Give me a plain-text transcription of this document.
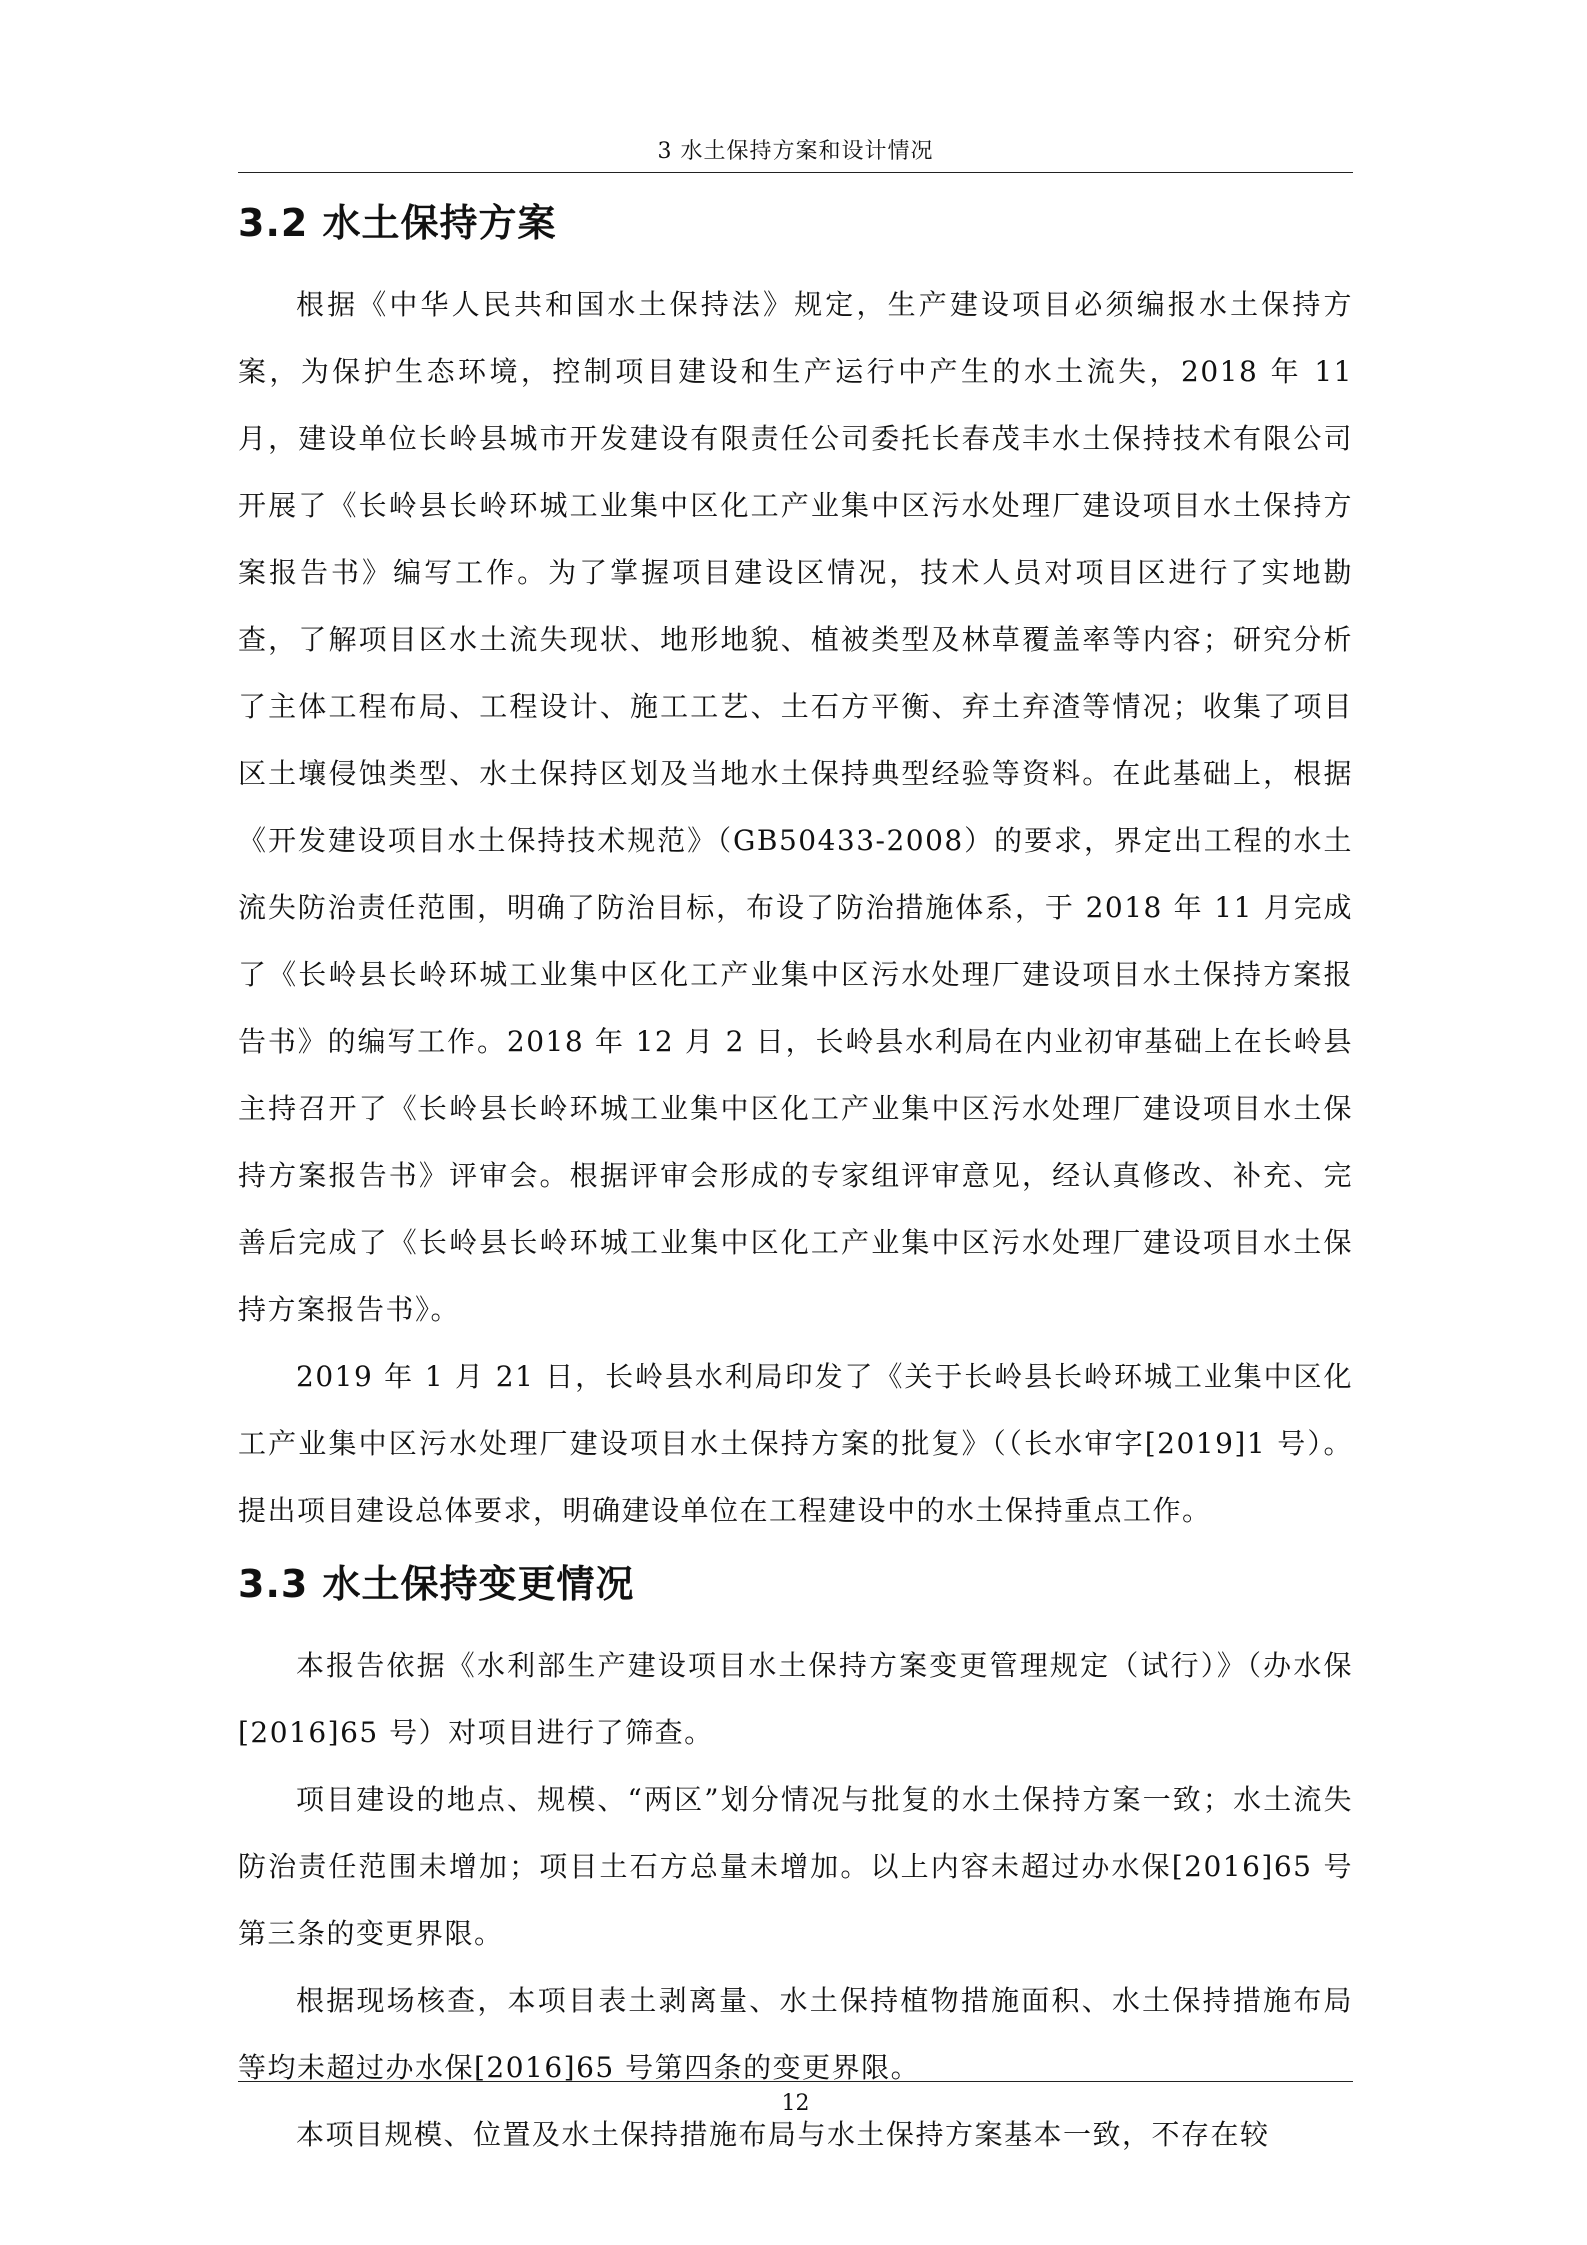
3 水土保持方案和设计情况
3.2 水土保持方案

根据《中华人民共和国水土保持法》规定，生产建设项目必须编报水土保持方案，为保护生态环境，控制项目建设和生产运行中产生的水土流失，2018 年 11 月，建设单位长岭县城市开发建设有限责任公司委托长春茂丰水土保持技术有限公司开展了《长岭县长岭环城工业集中区化工产业集中区污水处理厂建设项目水土保持方案报告书》编写工作。为了掌握项目建设区情况，技术人员对项目区进行了实地勘查，了解项目区水土流失现状、地形地貌、植被类型及林草覆盖率等内容；研究分析了主体工程布局、工程设计、施工工艺、土石方平衡、弃土弃渣等情况；收集了项目区土壤侵蚀类型、水土保持区划及当地水土保持典型经验等资料。在此基础上，根据《开发建设项目水土保持技术规范》（GB50433-2008）的要求，界定出工程的水土流失防治责任范围，明确了防治目标，布设了防治措施体系，于 2018 年 11 月完成了《长岭县长岭环城工业集中区化工产业集中区污水处理厂建设项目水土保持方案报告书》的编写工作。2018 年 12 月 2 日，长岭县水利局在内业初审基础上在长岭县主持召开了《长岭县长岭环城工业集中区化工产业集中区污水处理厂建设项目水土保持方案报告书》评审会。根据评审会形成的专家组评审意见，经认真修改、补充、完善后完成了《长岭县长岭环城工业集中区化工产业集中区污水处理厂建设项目水土保持方案报告书》。

2019 年 1 月 21 日，长岭县水利局印发了《关于长岭县长岭环城工业集中区化工产业集中区污水处理厂建设项目水土保持方案的批复》（（长水审字[2019]1 号）。提出项目建设总体要求，明确建设单位在工程建设中的水土保持重点工作。

3.3 水土保持变更情况

本报告依据《水利部生产建设项目水土保持方案变更管理规定（试行）》（办水保[2016]65 号）对项目进行了筛查。

项目建设的地点、规模、“两区”划分情况与批复的水土保持方案一致；水土流失防治责任范围未增加；项目土石方总量未增加。以上内容未超过办水保[2016]65 号第三条的变更界限。

根据现场核查，本项目表土剥离量、水土保持植物措施面积、水土保持措施布局等均未超过办水保[2016]65 号第四条的变更界限。

本项目规模、位置及水土保持措施布局与水土保持方案基本一致，不存在较

12
